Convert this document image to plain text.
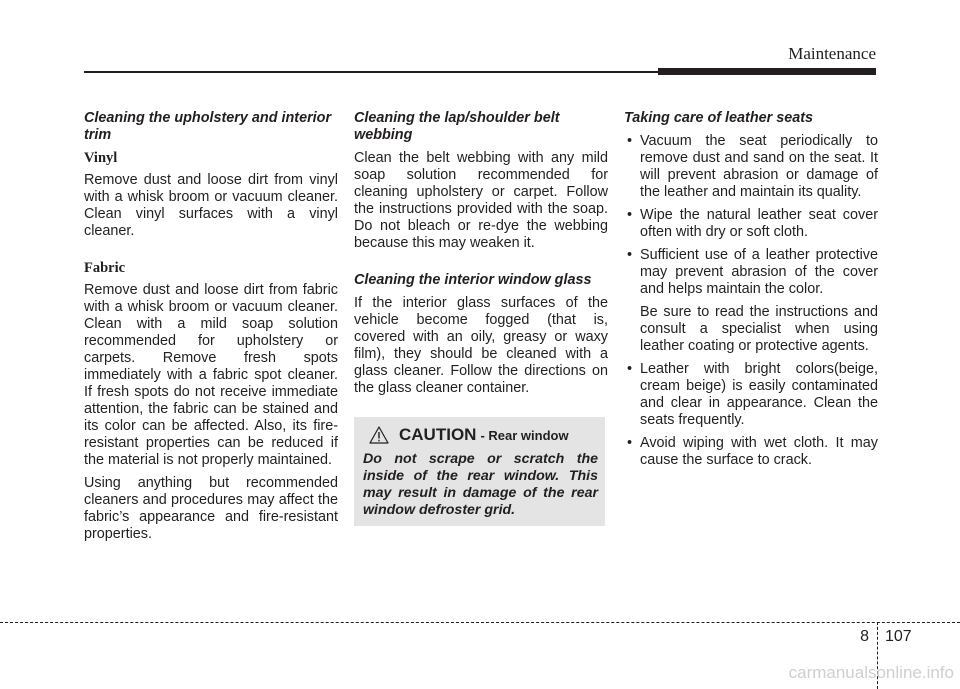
Maintenance
Cleaning the upholstery and interior trim
Vinyl

Remove dust and loose dirt from vinyl with a whisk broom or vacuum cleaner. Clean vinyl surfaces with a vinyl cleaner.

Fabric

Remove dust and loose dirt from fabric with a whisk broom or vacuum cleaner. Clean with a mild soap solution recommended for upholstery or carpets. Remove fresh spots immediately with a fabric spot cleaner. If fresh spots do not receive immediate attention, the fabric can be stained and its color can be affected. Also, its fire-resistant properties can be reduced if the material is not properly maintained.

Using anything but recommended cleaners and procedures may affect the fabric’s appearance and fire-resistant properties.

Cleaning the lap/shoulder belt webbing

Clean the belt webbing with any mild soap solution recommended for cleaning upholstery or carpet. Follow the instructions provided with the soap. Do not bleach or re-dye the webbing because this may weaken it.

Cleaning the interior window glass

If the interior glass surfaces of the vehicle become fogged (that is, covered with an oily, greasy or waxy film), they should be cleaned with a glass cleaner. Follow the directions on the glass cleaner container.

CAUTION - Rear window
Do not scrape or scratch the inside of the rear window. This may result in damage of the rear window defroster grid.
Taking care of leather seats
• Vacuum the seat periodically to remove dust and sand on the seat. It will prevent abrasion or damage of the leather and maintain its quality.
• Wipe the natural leather seat cover often with dry or soft cloth.
• Sufficient use of a leather protective may prevent abrasion of the cover and helps maintain the color.

Be sure to read the instructions and consult a specialist when using leather coating or protective agents.

• Leather with bright colors(beige, cream beige) is easily contaminated and clear in appearance. Clean the seats frequently.
• Avoid wiping with wet cloth. It may cause the surface to crack.
8 107
carmanualsonline.info
